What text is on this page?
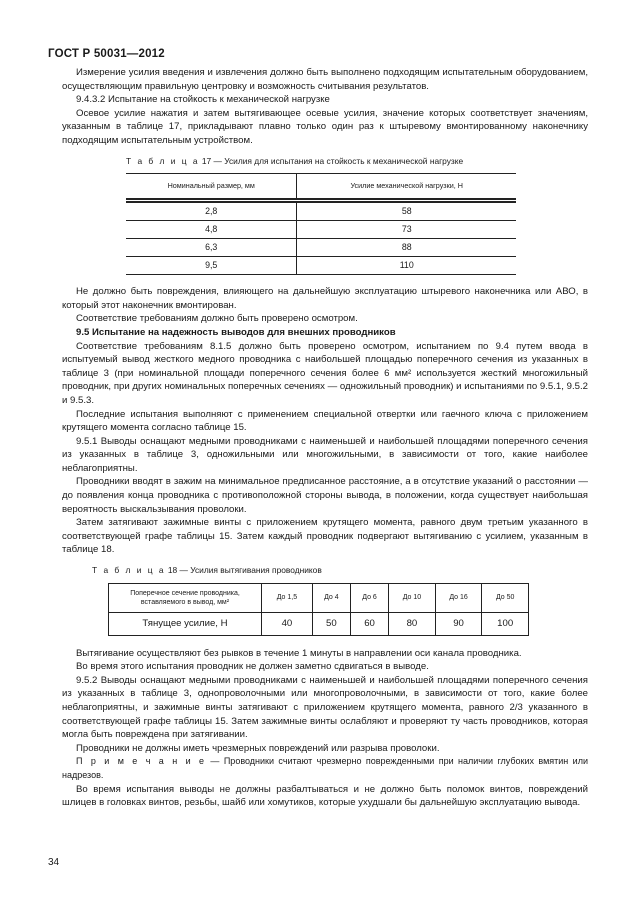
ГОСТ Р 50031—2012

Измерение усилия введения и извлечения должно быть выполнено подходящим испытательным оборудованием, осуществляющим правильную центровку и возможность считывания результатов.

9.4.3.2 Испытание на стойкость к механической нагрузке

Осевое усилие нажатия и затем вытягивающее осевые усилия, значение которых соответствует значениям, указанным в таблице 17, прикладывают плавно только один раз к штыревому вмонтированному наконечнику подходящим испытательным устройством.

Т а б л и ц а 17 — Усилия для испытания на стойкость к механической нагрузке
Номинальный размер, мм	Усилие механической нагрузки, Н
2,8	58
4,8	73
6,3	88
9,5	110

Не должно быть повреждения, влияющего на дальнейшую эксплуатацию штыревого наконечника или АВО, в который этот наконечник вмонтирован.

Соответствие требованиям должно быть проверено осмотром.

9.5 Испытание на надежность выводов для внешних проводников

Соответствие требованиям 8.1.5 должно быть проверено осмотром, испытанием по 9.4 путем ввода в испытуемый вывод жесткого медного проводника с наибольшей площадью поперечного сечения из указанных в таблице 3 (при номинальной площади поперечного сечения более 6 мм² используется жесткий многожильный проводник, при других номинальных поперечных сечениях — одножильный проводник) и испытаниями по 9.5.1, 9.5.2 и 9.5.3.

Последние испытания выполняют с применением специальной отвертки или гаечного ключа с приложением крутящего момента согласно таблице 15.

9.5.1 Выводы оснащают медными проводниками с наименьшей и наибольшей площадями поперечного сечения из указанных в таблице 3, одножильными или многожильными, в зависимости от того, какие наиболее неблагоприятны.

Проводники вводят в зажим на минимальное предписанное расстояние, а в отсутствие указаний о расстоянии — до появления конца проводника с противоположной стороны вывода, в положении, когда существует наибольшая вероятность выскальзывания проволоки.

Затем затягивают зажимные винты с приложением крутящего момента, равного двум третьим указанного в соответствующей графе таблицы 15. Затем каждый проводник подвергают вытягиванию с усилием, указанным в таблице 18.

Т а б л и ц а 18 — Усилия вытягивания проводников
Поперечное сечение проводника, вставляемого в вывод, мм²	До 1,5	До 4	До 6	До 10	До 16	До 50
Тянущее усилие, Н	40	50	60	80	90	100

Вытягивание осуществляют без рывков в течение 1 минуты в направлении оси канала проводника.

Во время этого испытания проводник не должен заметно сдвигаться в выводе.

9.5.2 Выводы оснащают медными проводниками с наименьшей и наибольшей площадями поперечного сечения из указанных в таблице 3, однопроволочными или многопроволочными, в зависимости от того, какие более неблагоприятны, и зажимные винты затягивают с приложением крутящего момента, равного 2/3 указанного в соответствующей графе таблицы 15. Затем зажимные винты ослабляют и проверяют ту часть проводников, которая могла быть повреждена при затягивании.

Проводники не должны иметь чрезмерных повреждений или разрыва проволоки.

П р и м е ч а н и е — Проводники считают чрезмерно поврежденными при наличии глубоких вмятин или надрезов.

Во время испытания выводы не должны разбалтываться и не должно быть поломок винтов, повреждений шлицев в головках винтов, резьбы, шайб или хомутиков, которые ухудшали бы дальнейшую эксплуатацию вывода.

34
